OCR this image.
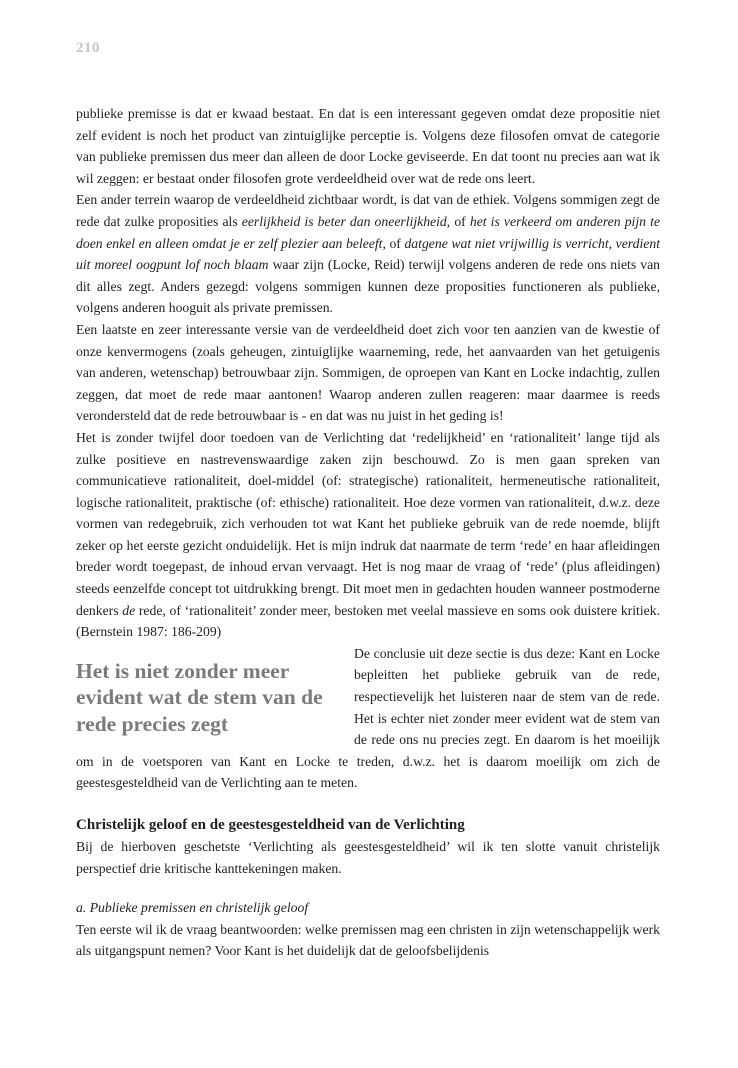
210

publieke premisse is dat er kwaad bestaat. En dat is een interessant gegeven omdat deze propositie niet zelf evident is noch het product van zintuiglijke perceptie is. Volgens deze filosofen omvat de categorie van publieke premissen dus meer dan alleen de door Locke geviseerde. En dat toont nu precies aan wat ik wil zeggen: er bestaat onder filosofen grote verdeeldheid over wat de rede ons leert.

Een ander terrein waarop de verdeeldheid zichtbaar wordt, is dat van de ethiek. Volgens sommigen zegt de rede dat zulke proposities als eerlijkheid is beter dan oneerlijkheid, of het is verkeerd om anderen pijn te doen enkel en alleen omdat je er zelf plezier aan beleeft, of datgene wat niet vrijwillig is verricht, verdient uit moreel oogpunt lof noch blaam waar zijn (Locke, Reid) terwijl volgens anderen de rede ons niets van dit alles zegt. Anders gezegd: volgens sommigen kunnen deze proposities functioneren als publieke, volgens anderen hooguit als private premissen.

Een laatste en zeer interessante versie van de verdeeldheid doet zich voor ten aanzien van de kwestie of onze kenvermogens (zoals geheugen, zintuiglijke waarneming, rede, het aanvaarden van het getuigenis van anderen, wetenschap) betrouwbaar zijn. Sommigen, de oproepen van Kant en Locke indachtig, zullen zeggen, dat moet de rede maar aantonen! Waarop anderen zullen reageren: maar daarmee is reeds verondersteld dat de rede betrouwbaar is - en dat was nu juist in het geding is!

Het is zonder twijfel door toedoen van de Verlichting dat ‘redelijkheid’ en ‘rationaliteit’ lange tijd als zulke positieve en nastrevenswaardige zaken zijn beschouwd. Zo is men gaan spreken van communicatieve rationaliteit, doel-middel (of: strategische) rationaliteit, hermeneutische rationaliteit, logische rationaliteit, praktische (of: ethische) rationaliteit. Hoe deze vormen van rationaliteit, d.w.z. deze vormen van redegebruik, zich verhouden tot wat Kant het publieke gebruik van de rede noemde, blijft zeker op het eerste gezicht onduidelijk. Het is mijn indruk dat naarmate de term ‘rede’ en haar afleidingen breder wordt toegepast, de inhoud ervan vervaagt. Het is nog maar de vraag of ‘rede’ (plus afleidingen) steeds eenzelfde concept tot uitdrukking brengt. Dit moet men in gedachten houden wanneer postmoderne denkers de rede, of ‘rationaliteit’ zonder meer, bestoken met veelal massieve en soms ook duistere kritiek. (Bernstein 1987: 186-209)

Het is niet zonder meer evident wat de stem van de rede precies zegt

De conclusie uit deze sectie is dus deze: Kant en Locke bepleitten het publieke gebruik van de rede, respectievelijk het luisteren naar de stem van de rede. Het is echter niet zonder meer evident wat de stem van de rede ons nu precies zegt. En daarom is het moeilijk om in de voetsporen van Kant en Locke te treden, d.w.z. het is daarom moeilijk om zich de geestesgesteldheid van de Verlichting aan te meten.

Christelijk geloof en de geestesgesteldheid van de Verlichting

Bij de hierboven geschetste ‘Verlichting als geestesgesteldheid’ wil ik ten slotte vanuit christelijk perspectief drie kritische kanttekeningen maken.

a. Publieke premissen en christelijk geloof

Ten eerste wil ik de vraag beantwoorden: welke premissen mag een christen in zijn wetenschappelijk werk als uitgangspunt nemen? Voor Kant is het duidelijk dat de geloofsbelijdenis
